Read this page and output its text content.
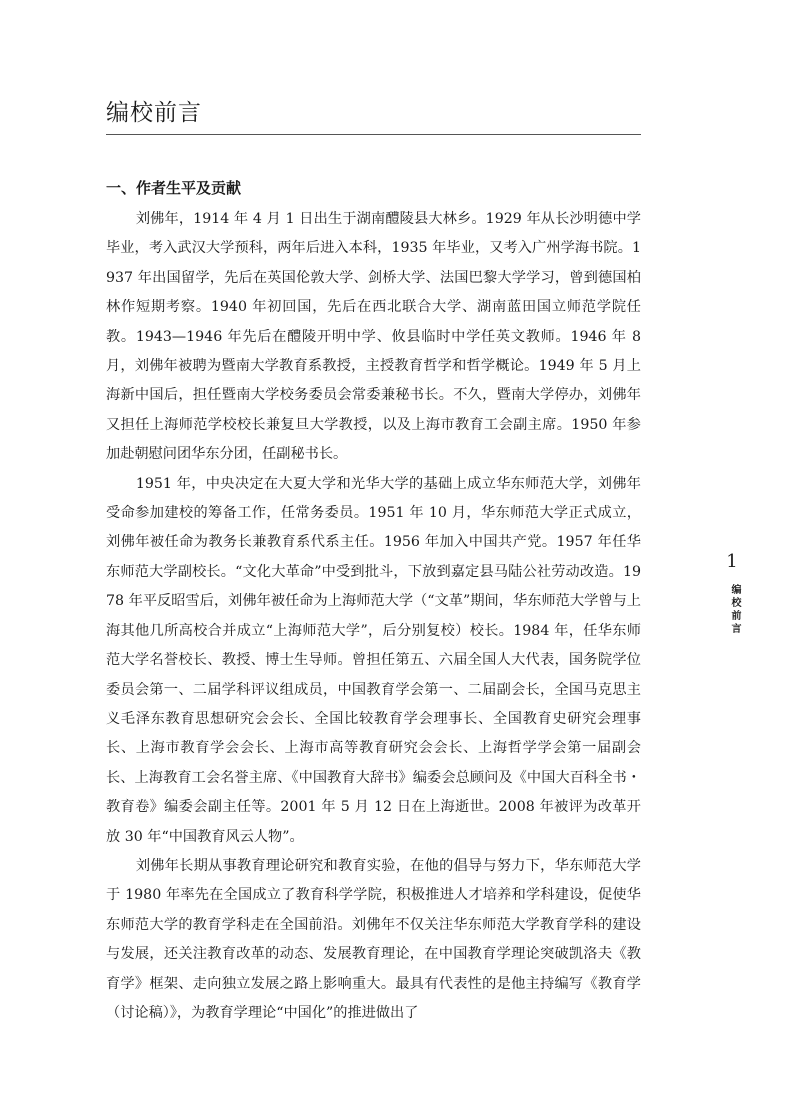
编校前言
一、作者生平及贡献

刘佛年，1914 年 4 月 1 日出生于湖南醴陵县大林乡。1929 年从长沙明德中学毕业，考入武汉大学预科，两年后进入本科，1935 年毕业，又考入广州学海书院。1937 年出国留学，先后在英国伦敦大学、剑桥大学、法国巴黎大学学习，曾到德国柏林作短期考察。1940 年初回国，先后在西北联合大学、湖南蓝田国立师范学院任教。1943—1946 年先后在醴陵开明中学、攸县临时中学任英文教师。1946 年 8 月，刘佛年被聘为暨南大学教育系教授，主授教育哲学和哲学概论。1949 年 5 月上海新中国后，担任暨南大学校务委员会常委兼秘书长。不久，暨南大学停办，刘佛年又担任上海师范学校校长兼复旦大学教授，以及上海市教育工会副主席。1950 年参加赴朝慰问团华东分团，任副秘书长。

1951 年，中央决定在大夏大学和光华大学的基础上成立华东师范大学，刘佛年受命参加建校的筹备工作，任常务委员。1951 年 10 月，华东师范大学正式成立，刘佛年被任命为教务长兼教育系代系主任。1956 年加入中国共产党。1957 年任华东师范大学副校长。“文化大革命”中受到批斗，下放到嘉定县马陆公社劳动改造。1978 年平反昭雪后，刘佛年被任命为上海师范大学（“文革”期间，华东师范大学曾与上海其他几所高校合并成立“上海师范大学”，后分别复校）校长。1984 年，任华东师范大学名誉校长、教授、博士生导师。曾担任第五、六届全国人大代表，国务院学位委员会第一、二届学科评议组成员，中国教育学会第一、二届副会长，全国马克思主义毛泽东教育思想研究会会长、全国比较教育学会理事长、全国教育史研究会理事长、上海市教育学会会长、上海市高等教育研究会会长、上海哲学学会第一届副会长、上海教育工会名誉主席、《中国教育大辞书》编委会总顾问及《中国大百科全书・教育卷》编委会副主任等。2001 年 5 月 12 日在上海逝世。2008 年被评为改革开放 30 年“中国教育风云人物”。

刘佛年长期从事教育理论研究和教育实验，在他的倡导与努力下，华东师范大学于 1980 年率先在全国成立了教育科学学院，积极推进人才培养和学科建设，促使华东师范大学的教育学科走在全国前沿。刘佛年不仅关注华东师范大学教育学科的建设与发展，还关注教育改革的动态、发展教育理论，在中国教育学理论突破凯洛夫《教育学》框架、走向独立发展之路上影响重大。最具有代表性的是他主持编写《教育学（讨论稿）》，为教育学理论“中国化”的推进做出了

1
编校前言
